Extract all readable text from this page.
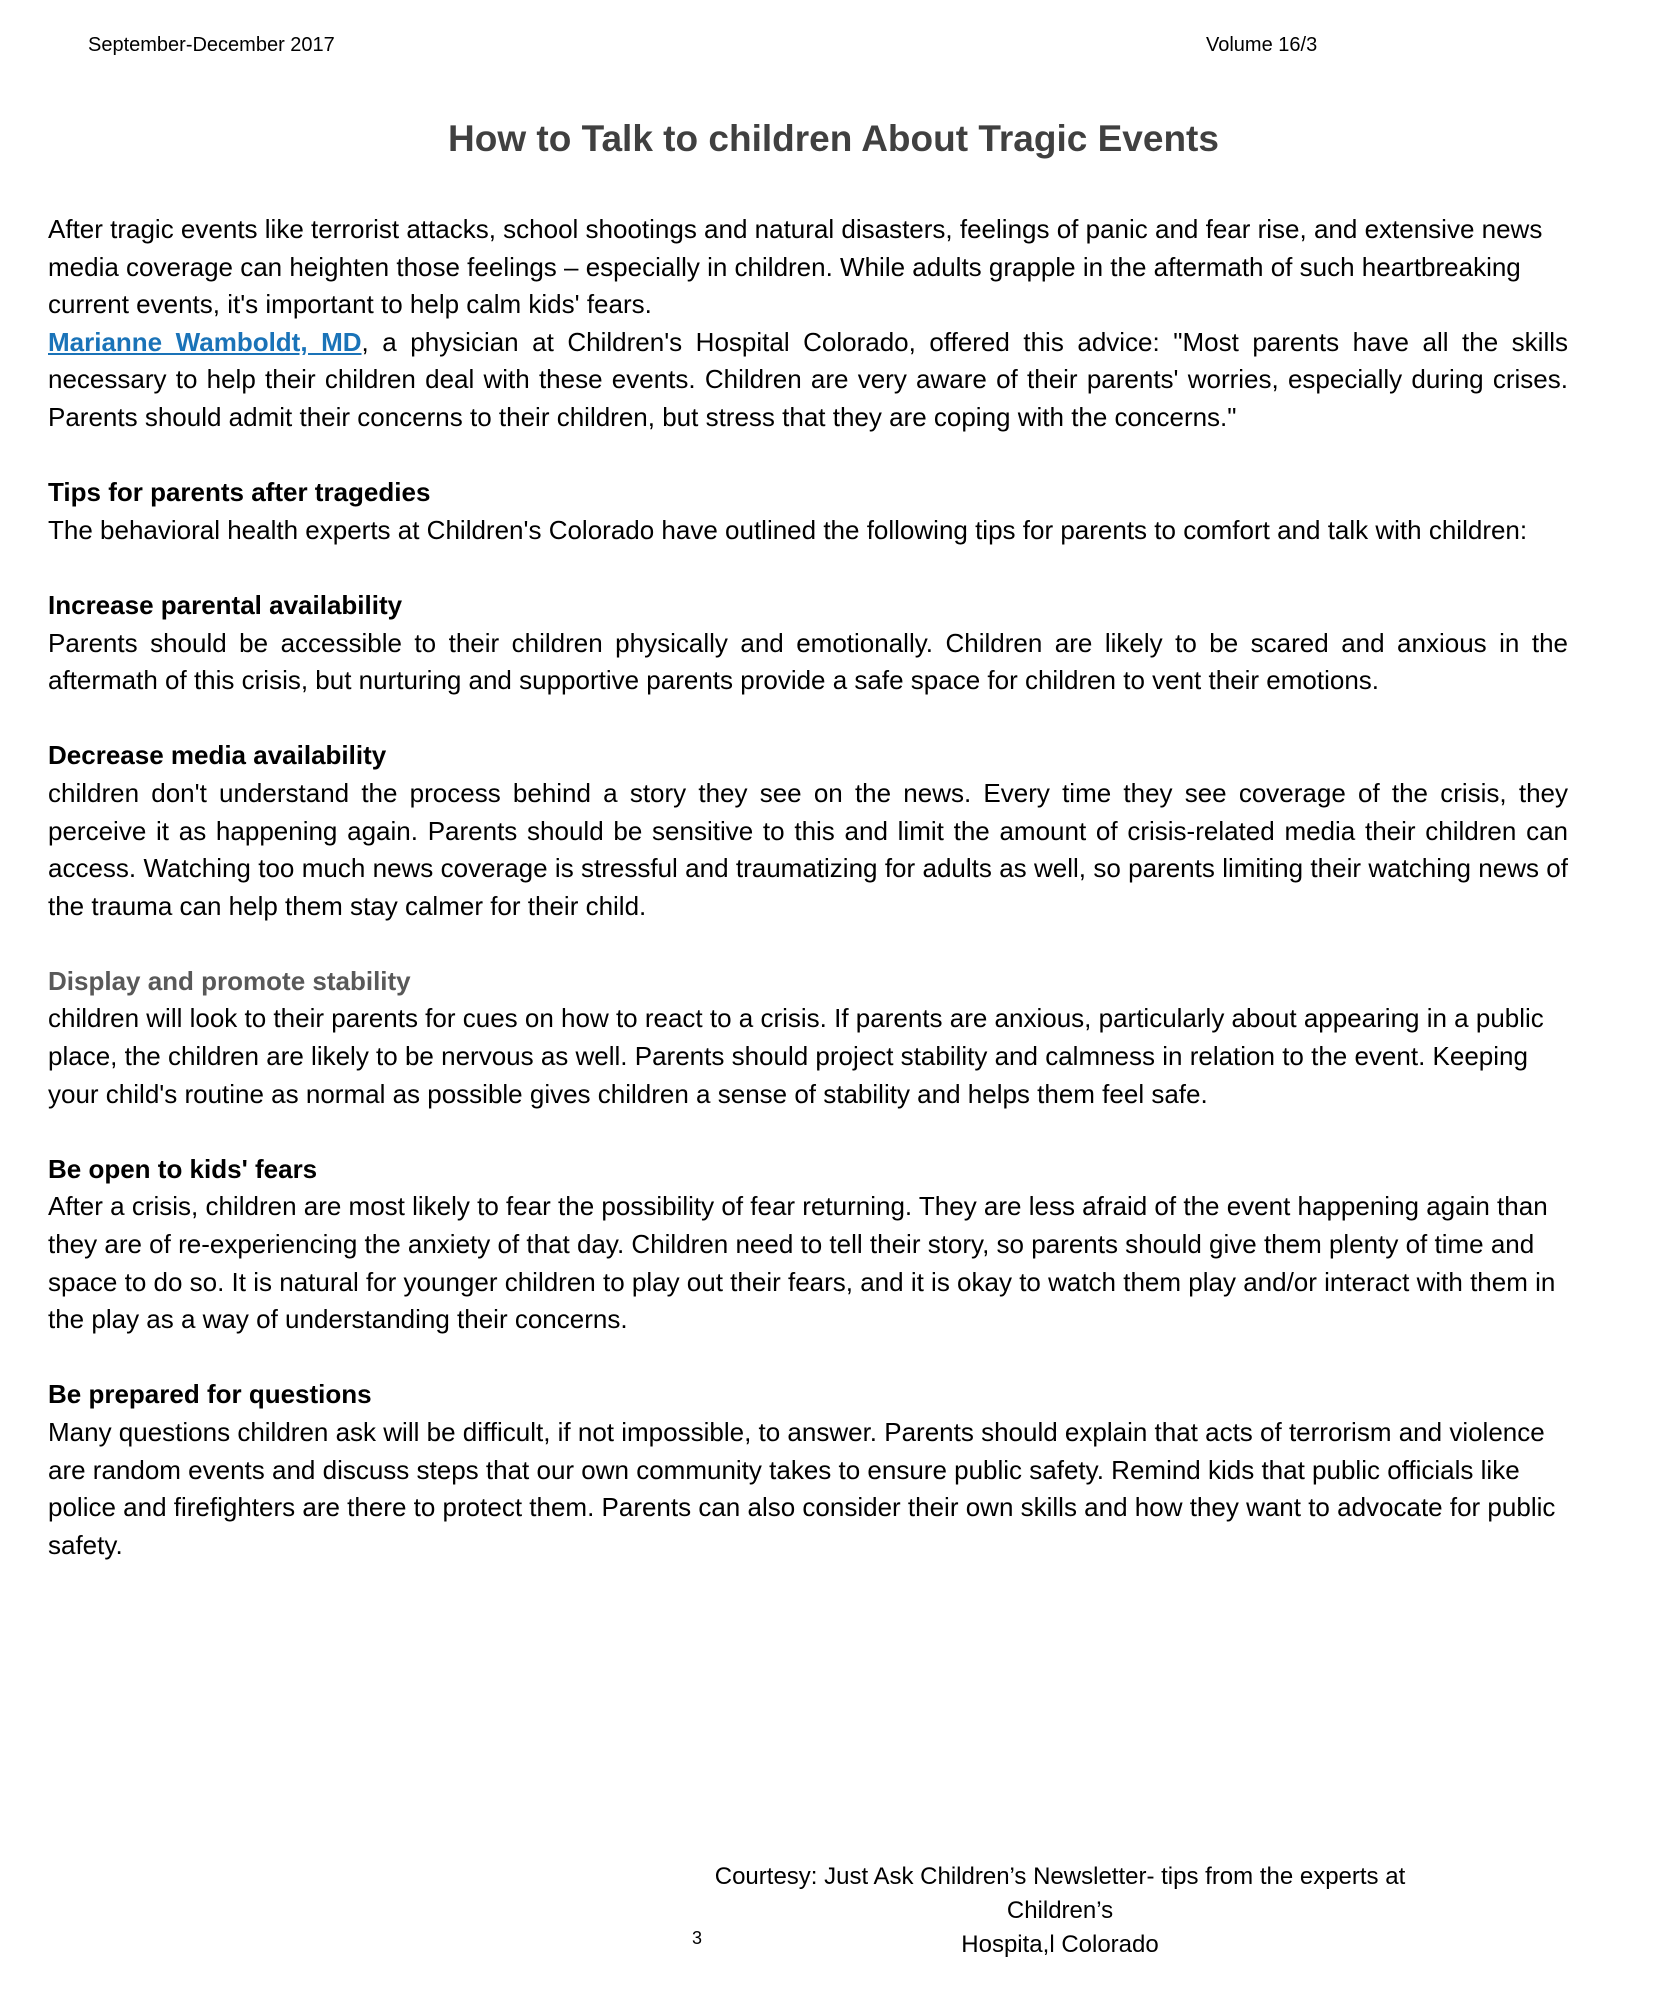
September-December 2017	Volume 16/3
How to Talk to children About Tragic Events

After tragic events like terrorist attacks, school shootings and natural disasters, feelings of panic and fear rise, and extensive news media coverage can heighten those feelings – especially in children. While adults grapple in the aftermath of such heartbreaking current events, it's important to help calm kids' fears.

Marianne Wamboldt, MD, a physician at Children's Hospital Colorado, offered this advice: "Most parents have all the skills necessary to help their children deal with these events. Children are very aware of their parents' worries, especially during crises. Parents should admit their concerns to their children, but stress that they are coping with the concerns."

Tips for parents after tragedies

The behavioral health experts at Children's Colorado have outlined the following tips for parents to comfort and talk with children:

Increase parental availability

Parents should be accessible to their children physically and emotionally. Children are likely to be scared and anxious in the aftermath of this crisis, but nurturing and supportive parents provide a safe space for children to vent their emotions.

Decrease media availability

children don't understand the process behind a story they see on the news. Every time they see coverage of the crisis, they perceive it as happening again. Parents should be sensitive to this and limit the amount of crisis-related media their children can access. Watching too much news coverage is stressful and traumatizing for adults as well, so parents limiting their watching news of the trauma can help them stay calmer for their child.

Display and promote stability

children will look to their parents for cues on how to react to a crisis. If parents are anxious, particularly about appearing in a public place, the children are likely to be nervous as well. Parents should project stability and calmness in relation to the event. Keeping your child's routine as normal as possible gives children a sense of stability and helps them feel safe.

Be open to kids' fears

After a crisis, children are most likely to fear the possibility of fear returning. They are less afraid of the event happening again than they are of re-experiencing the anxiety of that day. Children need to tell their story, so parents should give them plenty of time and space to do so. It is natural for younger children to play out their fears, and it is okay to watch them play and/or interact with them in the play as a way of understanding their concerns.

Be prepared for questions

Many questions children ask will be difficult, if not impossible, to answer. Parents should explain that acts of terrorism and violence are random events and discuss steps that our own community takes to ensure public safety. Remind kids that public officials like police and firefighters are there to protect them. Parents can also consider their own skills and how they want to advocate for public safety.

Courtesy: Just Ask Children’s Newsletter- tips from the experts at Children’s
Hospita,l Colorado
3
